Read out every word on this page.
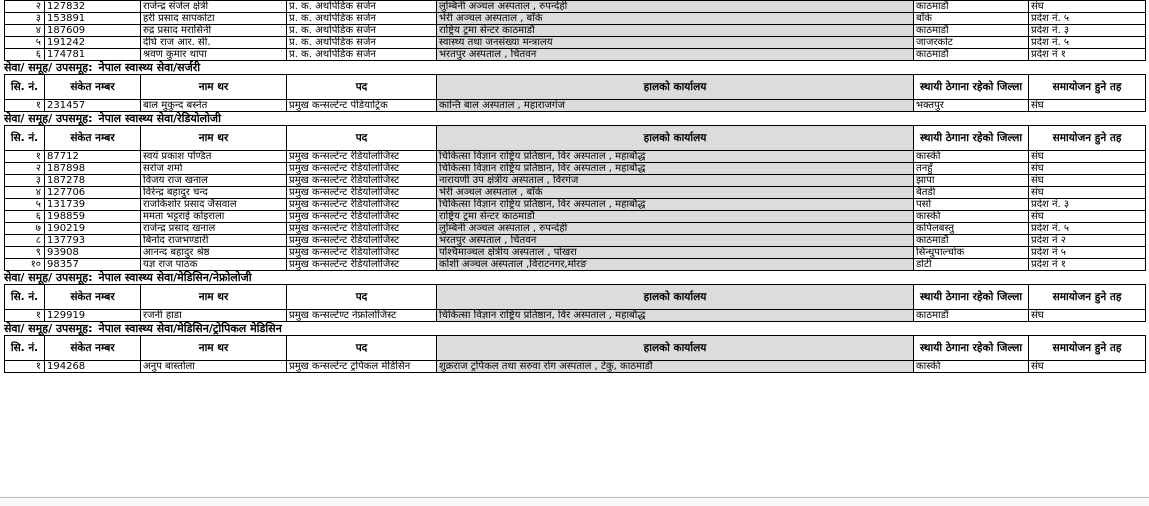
२	127832	राजेन्द्र संजेल क्षेत्री	प्र. क. अर्थोपेडिक सर्जन	लुम्बिनी अञ्चल अस्पताल , रुपन्देही	काठमाडौं	संघ
३	153891	हरी प्रसाद सापकोटा	प्र. क. अर्थोपेडिक सर्जन	भेरी अञ्चल अस्पताल , बाँके	बाँके	प्रदेश नं. ५
४	187609	रुद्र प्रसाद मरासिनी	प्र. क. अर्थोपेडिक सर्जन	राष्ट्रिय ट्रमा सेन्टर काठमाडौं	काठमाडौं	प्रदेश नं. ३
५	191242	दीर्घ राज आर. सी.	प्र. क. अर्थोपेडिक सर्जन	स्वास्थ्य तथा जनसंख्या मन्त्रालय	जाजरकोट	प्रदेश नं. ५
६	174781	श्रवण कुमार थापा	प्र. क. अर्थोपेडिक सर्जन	भरतपुर अस्पताल , चितवन	काठमाडौं	प्रदेश नं १
सेवा/ समूह/ उपसमूह: नेपाल स्वास्थ्य सेवा/सर्जरी
सि. नं.	संकेत नम्बर	नाम थर	पद	हालको कार्यालय	स्थायी ठेगाना रहेको जिल्ला	समायोजन हुने तह
१	231457	बाल मुकुन्द बस्नेत	प्रमुख कन्सल्टेन्ट पेडियाट्रिक	कान्ति बाल अस्पताल , महाराजगंज	भक्तपुर	संघ
सेवा/ समूह/ उपसमूह: नेपाल स्वास्थ्य सेवा/रेडियोलोजी
सि. नं.	संकेत नम्बर	नाम थर	पद	हालको कार्यालय	स्थायी ठेगाना रहेको जिल्ला	समायोजन हुने तह
१	87712	स्वयं प्रकाश पण्डित	प्रमुख कन्सल्टेन्ट रेडियोलोजिस्ट	चिकित्सा विज्ञान राष्ट्रिय प्रतिष्ठान, विर अस्पताल , महाबौद्ध	कास्की	संघ
२	187898	सरोज शर्मा	प्रमुख कन्सल्टेन्ट रेडियोलोजिस्ट	चिकित्सा विज्ञान राष्ट्रिय प्रतिष्ठान, विर अस्पताल , महाबौद्ध	तनहुँ	संघ
३	187278	विजय राज खनाल	प्रमुख कन्सल्टेन्ट रेडियोलोजिस्ट	नारायणी उप क्षेत्रीय अस्पताल , विरगंज	झापा	संघ
४	127706	विरेन्द्र बहादुर चन्द	प्रमुख कन्सल्टेन्ट रेडियोलोजिस्ट	भेरी अञ्चल अस्पताल , बाँके	बैतडी	संघ
५	131739	राजकिशोर प्रसाद जैसवाल	प्रमुख कन्सल्टेन्ट रेडियोलोजिस्ट	चिकित्सा विज्ञान राष्ट्रिय प्रतिष्ठान, विर अस्पताल , महाबौद्ध	पर्सा	प्रदेश नं. ३
६	198859	ममता भट्टराई कोइराला	प्रमुख कन्सल्टेन्ट रेडियोलोजिस्ट	राष्ट्रिय ट्रमा सेन्टर काठमाडौं	कास्की	संघ
७	190219	राजेन्द्र प्रसाद खनाल	प्रमुख कन्सल्टेन्ट रेडियोलोजिस्ट	लुम्बिनी अञ्चल अस्पताल , रुपन्देही	कपिलबस्तु	प्रदेश नं. ५
८	137793	बिनोद राजभण्डारी	प्रमुख कन्सल्टेन्ट रेडियोलोजिस्ट	भरतपुर अस्पताल , चितवन	काठमाडौं	प्रदेश नं २
९	93908	आनन्द बहादुर श्रेष्ठ	प्रमुख कन्सल्टेन्ट रेडियोलोजिस्ट	पश्चिमाञ्चल क्षेत्रीय अस्पताल , पोखरा	सिन्धुपाल्चोक	प्रदेश नं ५
१०	98357	यज्ञ राज पाठक	प्रमुख कन्सल्टेन्ट रेडियोलोजिस्ट	कोशी अञ्चल अस्पताल ,विराटनगर,मोरङ	डोटी	प्रदेश नं १
सेवा/ समूह/ उपसमूह: नेपाल स्वास्थ्य सेवा/मेडिसिन/नेफ्रोलोजी
सि. नं.	संकेत नम्बर	नाम थर	पद	हालको कार्यालय	स्थायी ठेगाना रहेको जिल्ला	समायोजन हुने तह
१	129919	रजनी हाडा	प्रमुख कन्सल्टेण्ट नेफ्रोलोजिस्ट	चिकित्सा विज्ञान राष्ट्रिय प्रतिष्ठान, विर अस्पताल , महाबौद्ध	काठमाडौं	संघ
सेवा/ समूह/ उपसमूह: नेपाल स्वास्थ्य सेवा/मेडिसिन/ट्रोपिकल मेडिसिन
सि. नं.	संकेत नम्बर	नाम थर	पद	हालको कार्यालय	स्थायी ठेगाना रहेको जिल्ला	समायोजन हुने तह
१	194268	अनुप बास्तोला	प्रमुख कन्सल्टेन्ट ट्रपिकल मेडिसिन	शुक्रराज ट्रपिकल तथा सरुवा रोग अस्पताल , टेकु, काठमाडौं	कास्की	संघ
